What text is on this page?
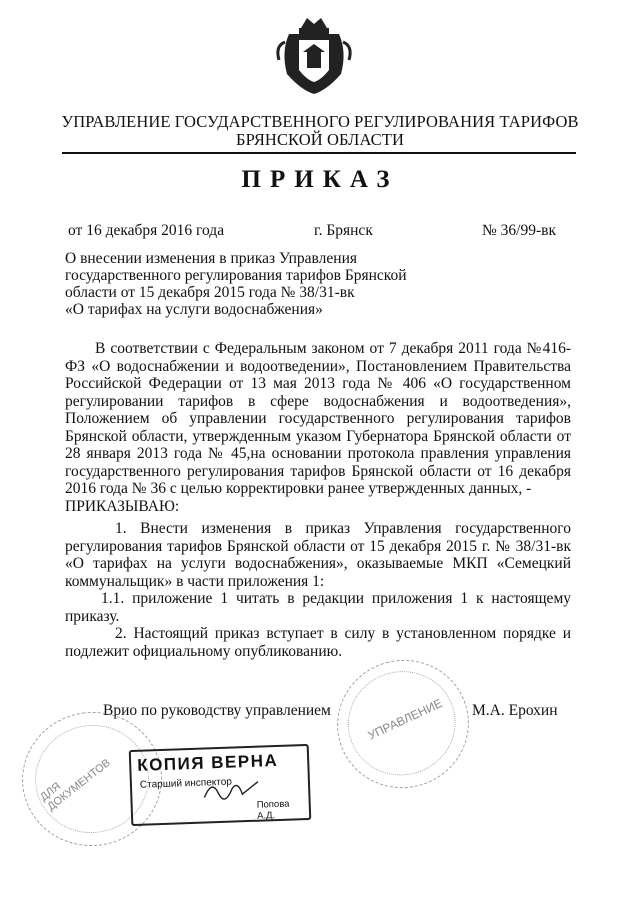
УПРАВЛЕНИЕ ГОСУДАРСТВЕННОГО РЕГУЛИРОВАНИЯ ТАРИФОВ
БРЯНСКОЙ ОБЛАСТИ
ПРИКАЗ
от 16 декабря 2016 года	г. Брянск	№ 36/99-вк
О внесении изменения в приказ Управления
государственного регулирования тарифов Брянской
области от 15 декабря 2015 года № 38/31-вк
«О тарифах на услуги водоснабжения»

В соответствии с Федеральным законом от 7 декабря 2011 года №416-ФЗ «О водоснабжении и водоотведении», Постановлением Правительства Российской Федерации от 13 мая 2013 года № 406 «О государственном регулировании тарифов в сфере водоснабжения и водоотведения», Положением об управлении государственного регулирования тарифов Брянской области, утвержденным указом Губернатора Брянской области от 28 января 2013 года № 45,на основании протокола правления управления государственного регулирования тарифов Брянской области от 16 декабря 2016 года № 36 с целью корректировки ранее утвержденных данных, -

ПРИКАЗЫВАЮ:

1. Внести изменения в приказ Управления государственного регулирования тарифов Брянской области от 15 декабря 2015 г. № 38/31-вк «О тарифах на услуги водоснабжения», оказываемые МКП «Семецкий коммунальщик» в части приложения 1:

1.1. приложение 1 читать в редакции приложения 1 к настоящему приказу.

2. Настоящий приказ вступает в силу в установленном порядке и подлежит официальному опубликованию.

УПРАВЛЕНИЕ
Врио по руководству управлением	М.А. Ерохин
ДЛЯ ДОКУМЕНТОВ КОПИЯ ВЕРНА
Старший инспектор
Попова А.Д.
